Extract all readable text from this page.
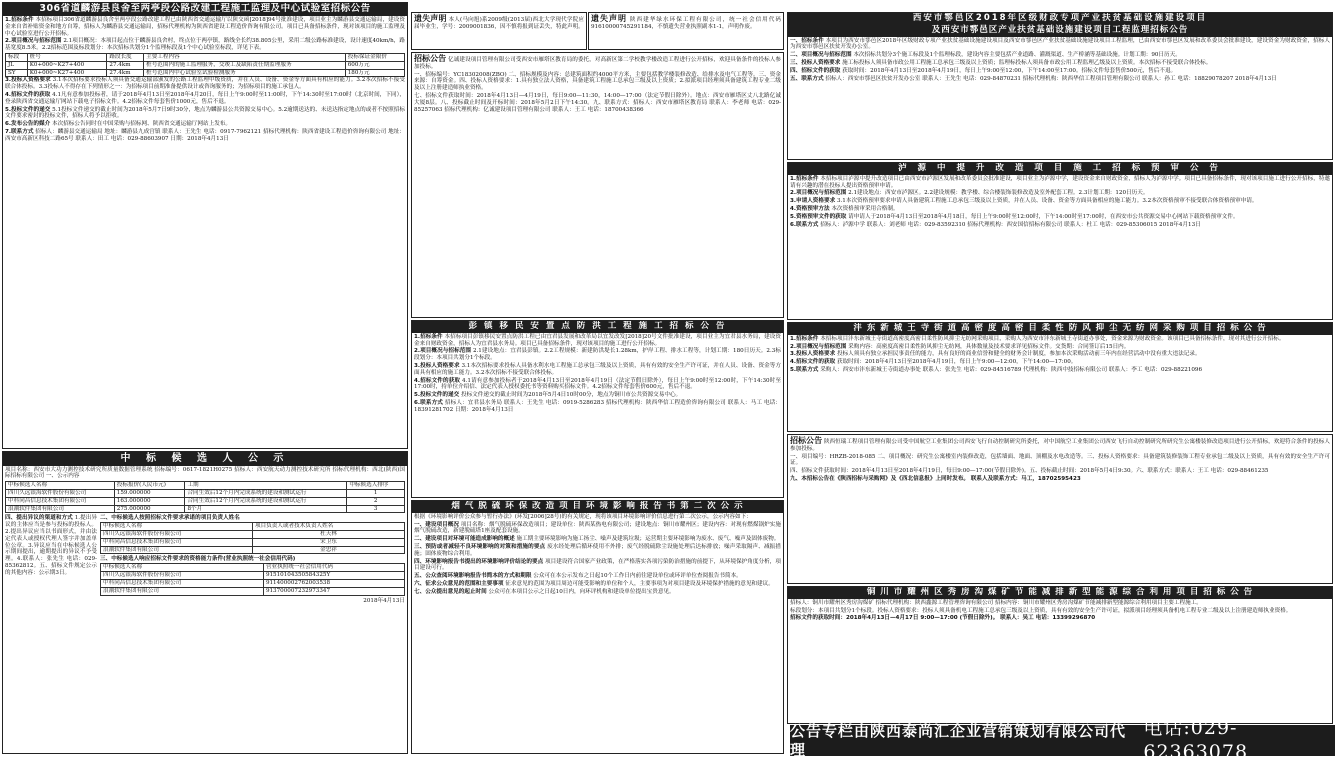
306省道麟游县良舍至两亭段公路改建工程施工监理及中心试验室招标公告

1.招标条件 本招标项目306省道麟游县良舍至两亭段公路改建工程已由陕西省交通运输厅以陕交函[2018]94号批准建设，项目业主为麟游县交通运输局，建设资金来自省补贴资金和地方自筹，招标人为麟游县交通运输局，招标代理机构为陕西省建设工程造价咨询有限公司。项目已具备招标条件，现对该项目的施工监理及中心试验室进行公开招标。

2.项目概况与招标范围 2.1项目概况：本项目起点位于麟游县良舍村，终点位于两亭镇，路线全长约38.805公里，采用二级公路标准建设，设计速度40km/h，路基宽度8.5米。2.2招标范围及标段划分：本次招标共划分1个监理标段及1个中心试验室标段，详见下表。

标段	桩号	路段长度	主要工程内容	投标保证金限价
JL	K0+000~K27+400	27.4km	桩号范围内的施工监理服务，交竣工及缺陷责任期监理服务	600万元
SY	K0+000~K27+400	27.4km	桩号范围内中心试验室试验检测服务	180万元

3.投标人资格要求 3.1本次招标要求投标人须具备交通运输部颁发的公路工程监理甲级资质，并在人员、设备、资金等方面具有相应的能力。3.2本次招标不接受联合体投标。3.3投标人不得存在下列情形之一：为招标项目前期准备提供设计或咨询服务的；为招标项目的施工承包人。

4.招标文件的获取 4.1凡有意参加投标者，请于2018年4月13日至2018年4月20日，每日上午9:00时至11:00时，下午14:30时至17:00时（北京时间，下同），登录陕西省交通运输厅网站下载电子招标文件。4.2招标文件每套售价1000元，售后不退。

5.投标文件的递交 5.1投标文件递交的截止时间为2018年5月7日9时30分，地点为麟游县公共资源交易中心。5.2逾期送达的、未送达指定地点的或者不按照招标文件要求密封的投标文件，招标人将予以拒收。

6.发布公告的媒介 本次招标公告同时在中国采购与招标网、陕西省交通运输厅网站上发布。

7.联系方式 招标人：麟游县交通运输局 地址：麟游县九成宫镇 联系人：王先生 电话：0917-7962121 招标代理机构：陕西省建设工程造价咨询有限公司 地址：西安市高新区科技二路65号 联系人：田工 电话：029-88603907 日期：2018年4月13日

中 标 候 选 人 公 示

项目名称：西安市大功力测控技术研究所质量数据管理系统 招标编号：0617-1821H0275 招标人：西安航天动力测控技术研究所 招标代理机构：西北(陕西)国际招标有限公司 一、公示内容

中标候选人名称	投标报价(人民币元)	工期	中标候选人排序
四川久远银海软件股份有限公司	159.000000	合同生效后12个月内完成系统的建设和测试运行	1
中科同昌信息技术集团有限公司	163.000000	合同生效后12个月内完成系统的建设和测试运行	2
浪潮软件集团有限公司	275.000000	8个月	3

四、提出异议的渠道和方式 1.提出异议的主体应当是参与投标的投标人。2.提出异议应当以书面形式，并由法定代表人或授权代理人签字并加盖单位公章。3.异议应当在中标候选人公示期间提出，逾期提出的异议不予受理。4.联系人：张先生 电话：029-85362812。五、招标文件规定公示的其他内容：公示期3日。

二、中标候选人按照招标文件要求承诺的项目负责人姓名
中标候选人名称	项目负责人或者技术负责人姓名
四川久远银海软件股份有限公司	杜天林
中科同昌信息技术集团有限公司	宋卫东
浪潮软件集团有限公司	金忠祥
三、中标候选人响应招标文件要求的资格能力条件(营业执照统一社会信用代码)
中标候选人名称	营业执照统一社会信用代码
四川久远银海软件股份有限公司	91510104350584325Y
中科同昌信息技术集团有限公司	911400002762003538
浪潮软件集团有限公司	913700007232973347
2018年4月13日
遗失声明 本人(马向旭)系2009级(2013届)西北大学现代学院应届毕业生，学号：2009001836，因不慎将报到证丢失，特此声明。
遗失声明 陕西建华绿水环保工程有限公司，统一社会信用代码91610000745291184，不慎遗失营业执照副本1-1，声明作废。

招标公告 亿诚建设项目管理有限公司受西安市雁塔区教育局的委托，对高新区第二学校教学楼改造工程进行公开招标，欢迎具备条件的投标人参加投标。

一、招标编号：YC18302008(ZBO) 二、招标规模及内容：总建筑面积约4000平方米，主要包括教学楼装修改造、给排水及电气工程等。三、资金来源：自筹资金。四、投标人资格要求：1.具有独立法人资格，具备建筑工程施工总承包三级及以上资质；2.拟派项目经理须具备建筑工程专业二级及以上注册建造师执业资格。

七、招标文件获取时间：2018年4月13日—4月19日，每日9:00—11:30，14:00—17:00（法定节假日除外）。地点：西安市雁塔区丈八北路亿诚大厦8层。八、投标截止时间及开标时间：2018年5月2日下午14:30。九、联系方式：招标人：西安市雁塔区教育局 联系人：李老师 电话：029-85257063 招标代理机构：亿诚建设项目管理有限公司 联系人：王工 电话：18700438366

彭 镇 移 民 安 置 点 防 洪 工 程 施 工 招 标 公 告

1.招标条件 本招标项目彭镇移民安置点防洪工程已由宜君县发展和改革局以宜发改发[2018]20号文件批准建设，项目业主为宜君县水务局，建设资金来自财政资金，招标人为宜君县水务局。项目已具备招标条件，现对该项目的施工进行公开招标。

2.项目概况与招标范围 2.1建设地点：宜君县彭镇。2.2工程规模：新建防洪堤长1.28km，护岸工程、排水工程等，计划工期：180日历天。2.3标段划分：本项目共划分1个标段。

3.投标人资格要求 3.1本次招标要求投标人具备水利水电工程施工总承包三级及以上资质，具有有效的安全生产许可证，并在人员、设备、资金等方面具有相应的施工能力。3.2本次招标不接受联合体投标。

4.招标文件的获取 4.1请有意参加投标者于2018年4月13日至2018年4月19日（法定节假日除外），每日上午9:00时至12:00时，下午14:30时至17:00时，持单位介绍信、法定代表人授权委托书等资料购买招标文件。4.2招标文件每套售价600元，售后不退。

5.投标文件的递交 投标文件递交的截止时间为2018年5月4日10时00分，地点为铜川市公共资源交易中心。

6.联系方式 招标人：宜君县水务局 联系人：王先生 电话：0919-5286283 招标代理机构：陕西华信工程造价咨询有限公司 联系人：马工 电话：18391281702 日期：2018年4月13日

烟 气 脱 硫 环 保 改 造 项 目 环 境 影 响 报 告 书 第 二 次 公 示

根据《环境影响评价公众参与暂行办法》(环发[2006]28号)的有关规定，现将该项目环境影响评价信息进行第二次公示，公示内容如下：

一、建设项目概况 项目名称：烟气脱硫环保改造项目；建设单位：陕西某热电有限公司；建设地点：铜川市耀州区；建设内容：对现有燃煤锅炉实施烟气脱硫改造，新建脱硫塔1座及配套设施。

二、建设项目对环境可能造成影响的概述 施工期主要环境影响为施工扬尘、噪声及建筑垃圾；运营期主要环境影响为废水、废气、噪声及固体废物。

三、预防或者减轻不良环境影响的对策和措施的要点 废水经处理后循环使用不外排；废气经脱硫除尘设施处理后达标排放；噪声采取隔声、减振措施；固体废物综合利用。

四、环境影响报告书提出的环境影响评价结论的要点 项目建设符合国家产业政策，在严格落实各项污染防治措施的前提下，从环境保护角度分析，项目建设可行。

五、公众查阅环境影响报告书简本的方式和期限 公众可在本公示发布之日起10个工作日内前往建设单位或环评单位查阅报告书简本。

六、征求公众意见的范围和主要事项 征求意见的范围为项目周边可能受影响的单位和个人，主要事项为对项目建设及环境保护措施的意见和建议。

七、公众提出意见的起止时间 公众可在本项目公示之日起10日内，向环评机构和建设单位提出宝贵意见。

西安市鄠邑区2018年区级财政专项产业扶贫基础设施建设项目
及西安市鄠邑区产业扶贫基础设施建设项目工程监理招标公告

一、招标条件 本项目为西安市鄠邑区2018年区级财政专项产业扶贫基础设施建设项目及西安市鄠邑区产业扶贫基础设施建设项目工程监理，已由西安市鄠邑区发展和改革委员会批准建设，建设资金为财政资金，招标人为西安市鄠邑区扶贫开发办公室。

二、项目概况与招标范围 本次招标共划分3个施工标段及1个监理标段，建设内容主要包括产业道路、灌溉渠道、生产桥涵等基础设施。计划工期：90日历天。

三、投标人资格要求 施工标投标人须具备市政公用工程施工总承包三级及以上资质；监理标投标人须具备市政公用工程监理乙级及以上资质。本次招标不接受联合体投标。

四、招标文件的获取 获取时间：2018年4月13日至2018年4月19日，每日上午9:00至12:00，下午14:00至17:00。招标文件每套售价500元，售后不退。

五、联系方式 招标人：西安市鄠邑区扶贫开发办公室 联系人：王先生 电话：029-84870231 招标代理机构：陕西华信工程项目管理有限公司 联系人：孙工 电话：18829078207 2018年4月13日

泸 源 中 提 升 改 造 项 目 施 工 招 标 预 审 公 告

1.招标条件 本招标项目泸源中提升改造项目已由西安市泸源区发展和改革委员会批准建设，项目业主为泸源中学，建设资金来自财政资金，招标人为泸源中学。项目已具备招标条件，现对该项目施工进行公开招标，特邀请有兴趣的潜在投标人提出资格预审申请。

2.项目概况与招标范围 2.1建设地点：西安市泸源区。2.2建设规模：教学楼、综合楼装饰装修改造及室外配套工程。2.3计划工期：120日历天。

3.申请人资格要求 3.1本次资格预审要求申请人具备建筑工程施工总承包三级及以上资质，并在人员、设备、资金等方面具备相应的施工能力。3.2本次资格预审不接受联合体资格预审申请。

4.资格预审方法 本次资格预审采用合格制。

5.资格预审文件的获取 请申请人于2018年4月13日至2018年4月18日，每日上午9:00时至12:00时，下午14:00时至17:00时，在西安市公共资源交易中心网站下载资格预审文件。

6.联系方式 招标人：泸源中学 联系人：刘老师 电话：029-83592310 招标代理机构：西安国信招标有限公司 联系人：杜工 电话：029-85306015 2018年4月13日

沣 东 新 城 王 寺 街 道 高 密 度 高 密 目 柔 性 防 风 抑 尘 无 纺 网 采 购 项 目 招 标 公 告

1.招标条件 本招标项目沣东新城王寺街道高密度高密目柔性防风抑尘无纺网采购项目，采购人为西安市沣东新城王寺街道办事处，资金来源为财政资金。该项目已具备招标条件，现对其进行公开招标。

2.项目概况与招标范围 采购内容：高密度高密目柔性防风抑尘无纺网，具体数量及技术要求详见招标文件。交货期：合同签订后15日内。

3.投标人资格要求 投标人须具有独立承担民事责任的能力，具有良好的商业信誉和健全的财务会计制度，参加本次采购活动前三年内在经营活动中没有重大违法记录。

4.招标文件的获取 获取时间：2018年4月13日至2018年4月19日，每日上午9:00—12:00，下午14:00—17:00。

5.联系方式 采购人：西安市沣东新城王寺街道办事处 联系人：张先生 电话：029-84516789 代理机构：陕西中技招标有限公司 联系人：李工 电话：029-88221096

招标公告 陕西恒瑞工程项目管理有限公司受中国航空工业集团公司西安飞行自动控制研究所委托，对中国航空工业集团公司西安飞行自动控制研究所研究生公寓楼装修改造项目进行公开招标，欢迎符合条件的投标人参加投标。

一、项目编号：HRZB-2018-085 二、项目概况：研究生公寓楼室内装修改造，包括墙面、地面、顶棚及水电改造等。三、投标人资格要求：具备建筑装修装饰工程专业承包二级及以上资质，具有有效的安全生产许可证。

四、招标文件获取时间：2018年4月13日至2018年4月19日，每日9:00—17:00(节假日除外)。五、投标截止时间：2018年5月4日9:30。六、联系方式：联系人：王工 电话：029-88461235

九、本招标公告在《陕西招标与采购网》及《西北信息报》上同时发布。 联系人及联系方式：马工，18702595423

铜 川 市 耀 州 区 秀 房 沟 煤 矿 节 能 减 排 新 型 能 源 综 合 利 用 项 目 招 标 公 告

招标人：铜川市耀州区秀房沟煤矿 招标代理机构：陕西鑫源工程管理咨询有限公司 招标内容：铜川市耀州区秀房沟煤矿节能减排新型能源综合利用项目主要工程施工。

标段划分：本项目共划分1个标段。投标人资格要求：投标人须具备机电工程施工总承包三级及以上资质，具有有效的安全生产许可证，拟派项目经理须具备机电工程专业二级及以上注册建造师执业资格。

招标文件的获取时间：2018年4月13日—4月17日 9:00—17:00 (节假日除外)。 联系人：吴工 电话：13399296870

公告专栏由陕西泰尚汇企业营销策划有限公司代理
电话:029-62363078
